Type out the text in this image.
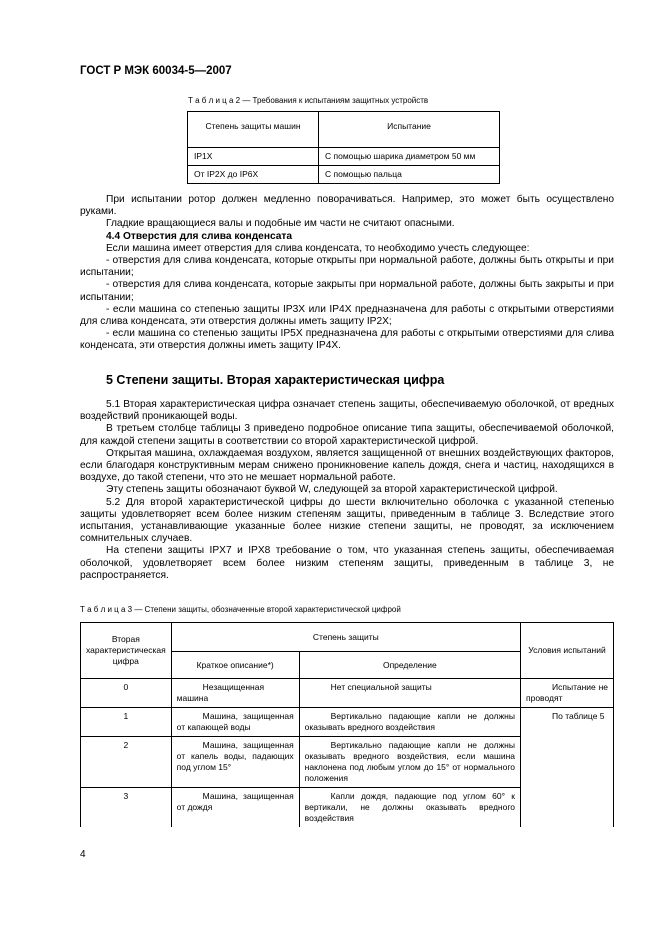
ГОСТ Р МЭК 60034-5—2007
Т а б л и ц а 2 — Требования к испытаниям защитных устройств
Степень защиты машин	Испытание
IP1X	С помощью шарика диаметром 50 мм
От IP2X до IP6X	С помощью пальца

При испытании ротор должен медленно поворачиваться. Например, это может быть осуществлено руками.

Гладкие вращающиеся валы и подобные им части не считают опасными.

4.4 Отверстия для слива конденсата

Если машина имеет отверстия для слива конденсата, то необходимо учесть следующее:

- отверстия для слива конденсата, которые открыты при нормальной работе, должны быть открыты и при испытании;

- отверстия для слива конденсата, которые закрыты при нормальной работе, должны быть закрыты и при испытании;

- если машина со степенью защиты IP3X или IP4X предназначена для работы с открытыми отверстиями для слива конденсата, эти отверстия должны иметь защиту IP2X;

- если машина со степенью защиты IP5X предназначена для работы с открытыми отверстиями для слива конденсата, эти отверстия должны иметь защиту IP4X.

5 Степени защиты. Вторая характеристическая цифра

5.1 Вторая характеристическая цифра означает степень защиты, обеспечиваемую оболочкой, от вредных воздействий проникающей воды.

В третьем столбце таблицы 3 приведено подробное описание типа защиты, обеспечиваемой оболочкой, для каждой степени защиты в соответствии со второй характеристической цифрой.

Открытая машина, охлаждаемая воздухом, является защищенной от внешних воздействующих факторов, если благодаря конструктивным мерам снижено проникновение капель дождя, снега и частиц, находящихся в воздухе, до такой степени, что это не мешает нормальной работе.

Эту степень защиты обозначают буквой W, следующей за второй характеристической цифрой.

5.2 Для второй характеристической цифры до шести включительно оболочка с указанной степенью защиты удовлетворяет всем более низким степеням защиты, приведенным в таблице 3. Вследствие этого испытания, устанавливающие указанные более низкие степени защиты, не проводят, за исключением сомнительных случаев.

На степени защиты IPX7 и IPX8 требование о том, что указанная степень защиты, обеспечиваемая оболочкой, удовлетворяет всем более низким степеням защиты, приведенным в таблице 3, не распространяется.

Т а б л и ц а 3 — Степени защиты, обозначенные второй характеристической цифрой
Вторая характеристическая цифра	Степень защиты		Условия испытаний
	Краткое описание*)	Определение	
0	Незащищенная машина	Нет специальной защиты	Испытание не проводят
1	Машина, защищенная от капающей воды	Вертикально падающие капли не должны оказывать вредного воздействия	По таблице 5
2	Машина, защищенная от капель воды, падающих под углом 15°	Вертикально падающие капли не должны оказывать вредного воздействия, если машина наклонена под любым углом до 15° от нормального положения	
3	Машина, защищенная от дождя	Капли дождя, падающие под углом 60° к вертикали, не должны оказывать вредного воздействия	
4
